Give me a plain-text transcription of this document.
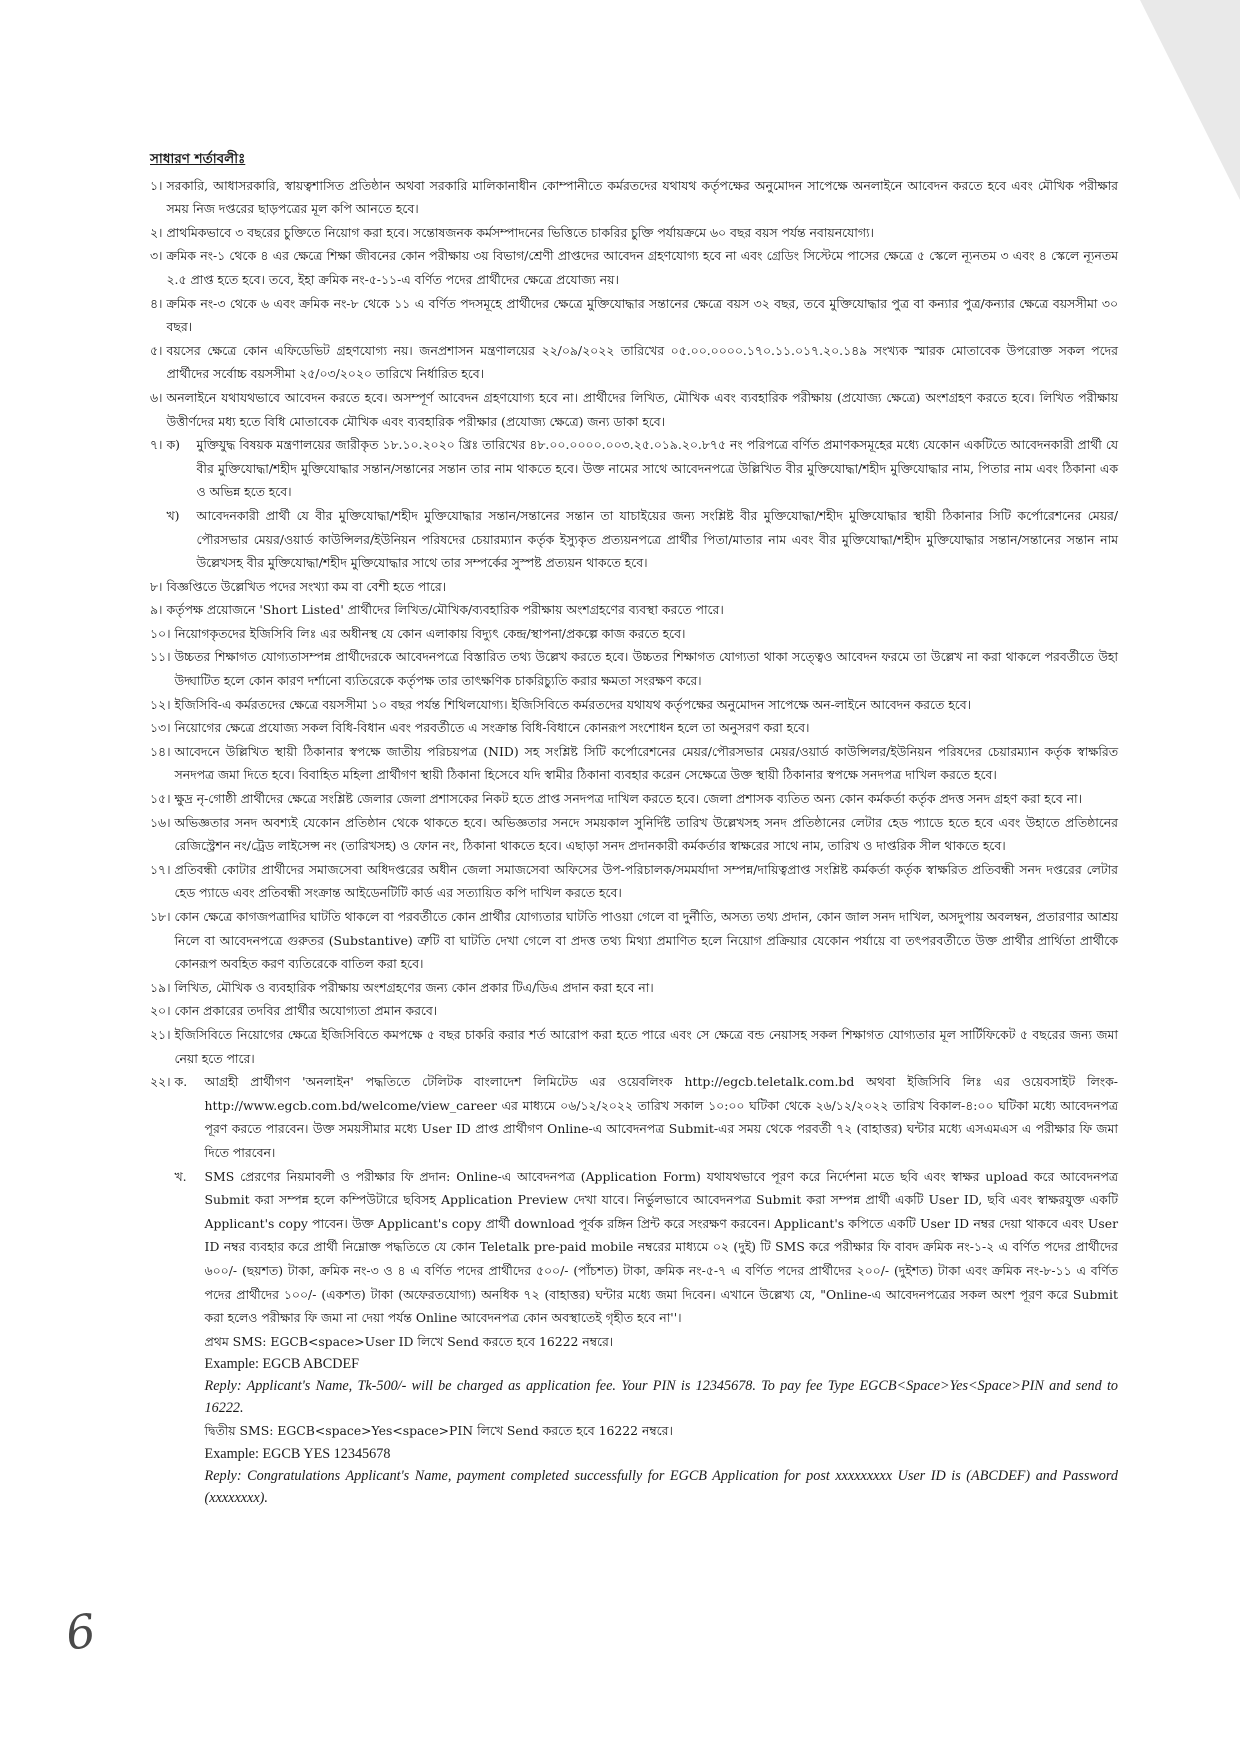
সাধারণ শর্তাবলীঃ
১। সরকারি, আধাসরকারি, স্বায়ত্বশাসিত প্রতিষ্ঠান অথবা সরকারি মালিকানাধীন কোম্পানীতে কর্মরতদের যথাযথ কর্তৃপক্ষের অনুমোদন সাপেক্ষে অনলাইনে আবেদন করতে হবে এবং মৌখিক পরীক্ষার সময় নিজ দপ্তরের ছাড়পত্রের মূল কপি আনতে হবে।
২। প্রাথমিকভাবে ৩ বছরের চুক্তিতে নিয়োগ করা হবে। সন্তোষজনক কর্মসম্পাদনের ভিত্তিতে চাকরির চুক্তি পর্যায়ক্রমে ৬০ বছর বয়স পর্যন্ত নবায়নযোগ্য।
৩। ক্রমিক নং-১ থেকে ৪ এর ক্ষেত্রে শিক্ষা জীবনের কোন পরীক্ষায় ৩য় বিভাগ/শ্রেণী প্রাপ্তদের আবেদন গ্রহণযোগ্য হবে না এবং গ্রেডিং সিস্টেমে পাসের ক্ষেত্রে ৫ স্কেলে ন্যূনতম ৩ এবং ৪ স্কেলে ন্যূনতম ২.৫ প্রাপ্ত হতে হবে। তবে, ইহা ক্রমিক নং-৫-১১-এ বর্ণিত পদের প্রার্থীদের ক্ষেত্রে প্রযোজ্য নয়।
৪। ক্রমিক নং-৩ থেকে ৬ এবং ক্রমিক নং-৮ থেকে ১১ এ বর্ণিত পদসমূহে প্রার্থীদের ক্ষেত্রে মুক্তিযোদ্ধার সন্তানের ক্ষেত্রে বয়স ৩২ বছর, তবে মুক্তিযোদ্ধার পুত্র বা কন্যার পুত্র/কন্যার ক্ষেত্রে বয়সসীমা ৩০ বছর।
৫। বয়সের ক্ষেত্রে কোন এফিডেভিট গ্রহণযোগ্য নয়। জনপ্রশাসন মন্ত্রণালয়ের ২২/০৯/২০২২ তারিখের ০৫.০০.০০০০.১৭০.১১.০১৭.২০.১৪৯ সংখ্যক স্মারক মোতাবেক উপরোক্ত সকল পদের প্রার্থীদের সর্বোচ্চ বয়সসীমা ২৫/০৩/২০২০ তারিখে নির্ধারিত হবে।
৬। অনলাইনে যথাযথভাবে আবেদন করতে হবে। অসম্পূর্ণ আবেদন গ্রহণযোগ্য হবে না। প্রার্থীদের লিখিত, মৌখিক এবং ব্যবহারিক পরীক্ষায় (প্রযোজ্য ক্ষেত্রে) অংশগ্রহণ করতে হবে। লিখিত পরীক্ষায় উত্তীর্ণদের মধ্য হতে বিধি মোতাবেক মৌখিক এবং ব্যবহারিক পরীক্ষার (প্রযোজ্য ক্ষেত্রে) জন্য ডাকা হবে।
৭। ক)	মুক্তিযুদ্ধ বিষয়ক মন্ত্রণালয়ের জারীকৃত ১৮.১০.২০২০ খ্রিঃ তারিখের ৪৮.০০.০০০০.০০৩.২৫.০১৯.২০.৮৭৫ নং পরিপত্রে বর্ণিত প্রমাণকসমূহের মধ্যে যেকোন একটিতে আবেদনকারী প্রার্থী যে বীর মুক্তিযোদ্ধা/শহীদ মুক্তিযোদ্ধার সন্তান/সন্তানের সন্তান তার নাম থাকতে হবে। উক্ত নামের সাথে আবেদনপত্রে উল্লিখিত বীর মুক্তিযোদ্ধা/শহীদ মুক্তিযোদ্ধার নাম, পিতার নাম এবং ঠিকানা এক ও অভিন্ন হতে হবে।
খ)	আবেদনকারী প্রার্থী যে বীর মুক্তিযোদ্ধা/শহীদ মুক্তিযোদ্ধার সন্তান/সন্তানের সন্তান তা যাচাইয়ের জন্য সংশ্লিষ্ট বীর মুক্তিযোদ্ধা/শহীদ মুক্তিযোদ্ধার স্থায়ী ঠিকানার সিটি কর্পোরেশনের মেয়র/পৌরসভার মেয়র/ওয়ার্ড কাউন্সিলর/ইউনিয়ন পরিষদের চেয়ারম্যান কর্তৃক ইস্যুকৃত প্রত্যয়নপত্রে প্রার্থীর পিতা/মাতার নাম এবং বীর মুক্তিযোদ্ধা/শহীদ মুক্তিযোদ্ধার সন্তান/সন্তানের সন্তান নাম উল্লেখসহ বীর মুক্তিযোদ্ধা/শহীদ মুক্তিযোদ্ধার সাথে তার সম্পর্কের সুস্পষ্ট প্রত্যয়ন থাকতে হবে।
৮। বিজ্ঞপ্তিতে উল্লেখিত পদের সংখ্যা কম বা বেশী হতে পারে।
৯। কর্তৃপক্ষ প্রয়োজনে 'Short Listed' প্রার্থীদের লিখিত/মৌখিক/ব্যবহারিক পরীক্ষায় অংশগ্রহণের ব্যবস্থা করতে পারে।
১০। নিয়োগকৃতদের ইজিসিবি লিঃ এর অধীনস্থ যে কোন এলাকায় বিদ্যুৎ কেন্দ্র/স্থাপনা/প্রকল্পে কাজ করতে হবে।
১১। উচ্চতর শিক্ষাগত যোগ্যতাসম্পন্ন প্রার্থীদেরকে আবেদনপত্রে বিস্তারিত তথ্য উল্লেখ করতে হবে। উচ্চতর শিক্ষাগত যোগ্যতা থাকা সত্ত্বেও আবেদন ফরমে তা উল্লেখ না করা থাকলে পরবর্তীতে উহা উদ্ঘাটিত হলে কোন কারণ দর্শানো ব্যতিরেকে কর্তৃপক্ষ তার তাৎক্ষণিক চাকরিচ্যুতি করার ক্ষমতা সংরক্ষণ করে।
১২। ইজিসিবি-এ কর্মরতদের ক্ষেত্রে বয়সসীমা ১০ বছর পর্যন্ত শিথিলযোগ্য। ইজিসিবিতে কর্মরতদের যথাযথ কর্তৃপক্ষের অনুমোদন সাপেক্ষে অন-লাইনে আবেদন করতে হবে।
১৩। নিয়োগের ক্ষেত্রে প্রযোজ্য সকল বিধি-বিধান এবং পরবর্তীতে এ সংক্রান্ত বিধি-বিধানে কোনরূপ সংশোধন হলে তা অনুসরণ করা হবে।
১৪। আবেদনে উল্লিখিত স্থায়ী ঠিকানার স্বপক্ষে জাতীয় পরিচয়পত্র (NID) সহ সংশ্লিষ্ট সিটি কর্পোরেশনের মেয়র/পৌরসভার মেয়র/ওয়ার্ড কাউন্সিলর/ইউনিয়ন পরিষদের চেয়ারম্যান কর্তৃক স্বাক্ষরিত সনদপত্র জমা দিতে হবে। বিবাহিত মহিলা প্রার্থীগণ স্থায়ী ঠিকানা হিসেবে যদি স্বামীর ঠিকানা ব্যবহার করেন সেক্ষেত্রে উক্ত স্থায়ী ঠিকানার স্বপক্ষে সনদপত্র দাখিল করতে হবে।
১৫। ক্ষুদ্র নৃ-গোষ্ঠী প্রার্থীদের ক্ষেত্রে সংশ্লিষ্ট জেলার জেলা প্রশাসকের নিকট হতে প্রাপ্ত সনদপত্র দাখিল করতে হবে। জেলা প্রশাসক ব্যতিত অন্য কোন কর্মকর্তা কর্তৃক প্রদত্ত সনদ গ্রহণ করা হবে না।
১৬। অভিজ্ঞতার সনদ অবশ্যই যেকোন প্রতিষ্ঠান থেকে থাকতে হবে। অভিজ্ঞতার সনদে সময়কাল সুনির্দিষ্ট তারিখ উল্লেখসহ সনদ প্রতিষ্ঠানের লেটার হেড প্যাডে হতে হবে এবং উহাতে প্রতিষ্ঠানের রেজিস্ট্রেশন নং/ট্রেড লাইসেন্স নং (তারিখসহ) ও ফোন নং, ঠিকানা থাকতে হবে। এছাড়া সনদ প্রদানকারী কর্মকর্তার স্বাক্ষরের সাথে নাম, তারিখ ও দাপ্তরিক সীল থাকতে হবে।
১৭। প্রতিবন্ধী কোটার প্রার্থীদের সমাজসেবা অধিদপ্তরের অধীন জেলা সমাজসেবা অফিসের উপ-পরিচালক/সমমর্যাদা সম্পন্ন/দায়িত্বপ্রাপ্ত সংশ্লিষ্ট কর্মকর্তা কর্তৃক স্বাক্ষরিত প্রতিবন্ধী সনদ দপ্তরের লেটার হেড প্যাডে এবং প্রতিবন্ধী সংক্রান্ত আইডেনটিটি কার্ড এর সত্যায়িত কপি দাখিল করতে হবে।
১৮। কোন ক্ষেত্রে কাগজপত্রাদির ঘাটতি থাকলে বা পরবর্তীতে কোন প্রার্থীর যোগ্যতার ঘাটতি পাওয়া গেলে বা দুর্নীতি, অসত্য তথ্য প্রদান, কোন জাল সনদ দাখিল, অসদুপায় অবলম্বন, প্রতারণার আশ্রয় নিলে বা আবেদনপত্রে গুরুতর (Substantive) ত্রুটি বা ঘাটতি দেখা গেলে বা প্রদত্ত তথ্য মিথ্যা প্রমাণিত হলে নিয়োগ প্রক্রিয়ার যেকোন পর্যায়ে বা তৎপরবর্তীতে উক্ত প্রার্থীর প্রার্থিতা প্রার্থীকে কোনরূপ অবহিত করণ ব্যতিরেকে বাতিল করা হবে।
১৯। লিখিত, মৌখিক ও ব্যবহারিক পরীক্ষায় অংশগ্রহণের জন্য কোন প্রকার টিএ/ডিএ প্রদান করা হবে না।
২০। কোন প্রকারের তদবির প্রার্থীর অযোগ্যতা প্রমান করবে।
২১। ইজিসিবিতে নিয়োগের ক্ষেত্রে ইজিসিবিতে কমপক্ষে ৫ বছর চাকরি করার শর্ত আরোপ করা হতে পারে এবং সে ক্ষেত্রে বন্ড নেয়াসহ সকল শিক্ষাগত যোগ্যতার মূল সার্টিফিকেট ৫ বছরের জন্য জমা নেয়া হতে পারে।
২২। ক.	আগ্রহী প্রার্থীগণ 'অনলাইন' পদ্ধতিতে টেলিটক বাংলাদেশ লিমিটেড এর ওয়েবলিংক http://egcb.teletalk.com.bd অথবা ইজিসিবি লিঃ এর ওয়েবসাইট লিংক-http://www.egcb.com.bd/welcome/view_career এর মাধ্যমে ০৬/১২/২০২২ তারিখ সকাল ১০:০০ ঘটিকা থেকে ২৬/১২/২০২২ তারিখ বিকাল-৪:০০ ঘটিকা মধ্যে আবেদনপত্র পূরণ করতে পারবেন। উক্ত সময়সীমার মধ্যে User ID প্রাপ্ত প্রার্থীগণ Online-এ আবেদনপত্র Submit-এর সময় থেকে পরবর্তী ৭২ (বাহাত্তর) ঘন্টার মধ্যে এসএমএস এ পরীক্ষার ফি জমা দিতে পারবেন।
খ.	SMS প্রেরণের নিয়মাবলী ও পরীক্ষার ফি প্রদান: Online-এ আবেদনপত্র (Application Form) যথাযথভাবে পূরণ করে নির্দেশনা মতে ছবি এবং স্বাক্ষর upload করে আবেদনপত্র Submit করা সম্পন্ন হলে কম্পিউটারে ছবিসহ Application Preview দেখা যাবে। নির্ভুলভাবে আবেদনপত্র Submit করা সম্পন্ন প্রার্থী একটি User ID, ছবি এবং স্বাক্ষরযুক্ত একটি Applicant's copy পাবেন। উক্ত Applicant's copy প্রার্থী download পূর্বক রঙ্গিন প্রিন্ট করে সংরক্ষণ করবেন। Applicant's কপিতে একটি User ID নম্বর দেয়া থাকবে এবং User ID নম্বর ব্যবহার করে প্রার্থী নিম্নোক্ত পদ্ধতিতে যে কোন Teletalk pre-paid mobile নম্বরের মাধ্যমে ০২ (দুই) টি SMS করে পরীক্ষার ফি বাবদ ক্রমিক নং-১-২ এ বর্ণিত পদের প্রার্থীদের ৬০০/- (ছয়শত) টাকা, ক্রমিক নং-৩ ও ৪ এ বর্ণিত পদের প্রার্থীদের ৫০০/- (পাঁচশত) টাকা, ক্রমিক নং-৫-৭ এ বর্ণিত পদের প্রার্থীদের ২০০/- (দুইশত) টাকা এবং ক্রমিক নং-৮-১১ এ বর্ণিত পদের প্রার্থীদের ১০০/- (একশত) টাকা (অফেরতযোগ্য) অনধিক ৭২ (বাহাত্তর) ঘন্টার মধ্যে জমা দিবেন। এখানে উল্লেখ্য যে, "Online-এ আবেদনপত্রের সকল অংশ পূরণ করে Submit করা হলেও পরীক্ষার ফি জমা না দেয়া পর্যন্ত Online আবেদনপত্র কোন অবস্থাতেই গৃহীত হবে না''।
প্রথম SMS: EGCB<space>User ID লিখে Send করতে হবে 16222 নম্বরে।
Example: EGCB ABCDEF
Reply: Applicant's Name, Tk-500/- will be charged as application fee. Your PIN is 12345678. To pay fee Type EGCB<Space>Yes<Space>PIN and send to 16222.
দ্বিতীয় SMS: EGCB<space>Yes<space>PIN লিখে Send করতে হবে 16222 নম্বরে।
Example: EGCB YES 12345678
Reply: Congratulations Applicant's Name, payment completed successfully for EGCB Application for post xxxxxxxxx User ID is (ABCDEF) and Password (xxxxxxxx).
6
